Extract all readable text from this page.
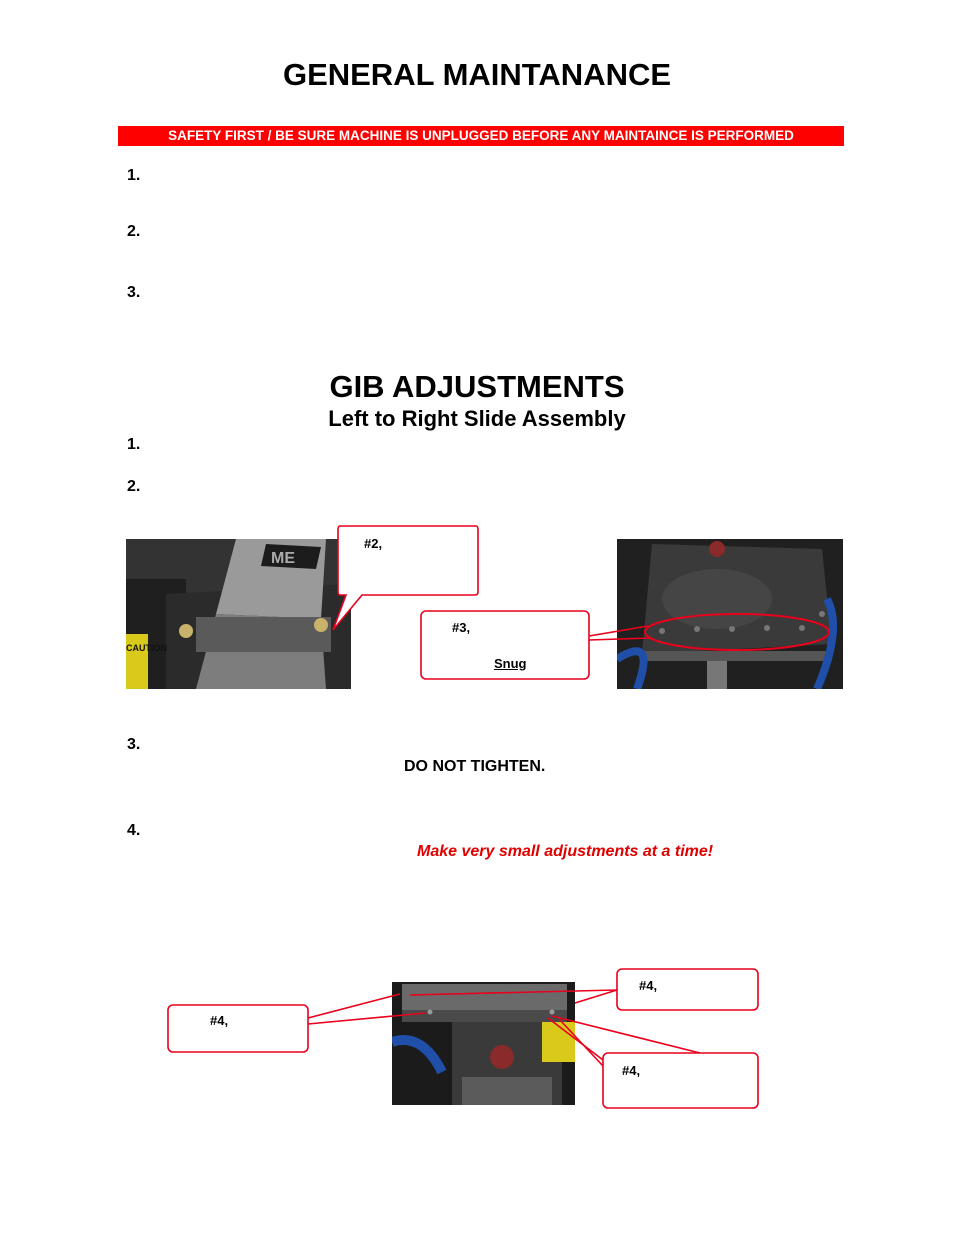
GENERAL MAINTANANCE
SAFETY FIRST / BE SURE MACHINE IS UNPLUGGED BEFORE ANY MAINTAINCE IS PERFORMED
1.
2.
3.
GIB ADJUSTMENTS
Left to Right Slide Assembly
1.
2.
ME
CAUTION
#2,
#3,
Snug
#4,
#4,
#4,
3.
DO NOT TIGHTEN.
4.
Make very small adjustments at a time!
